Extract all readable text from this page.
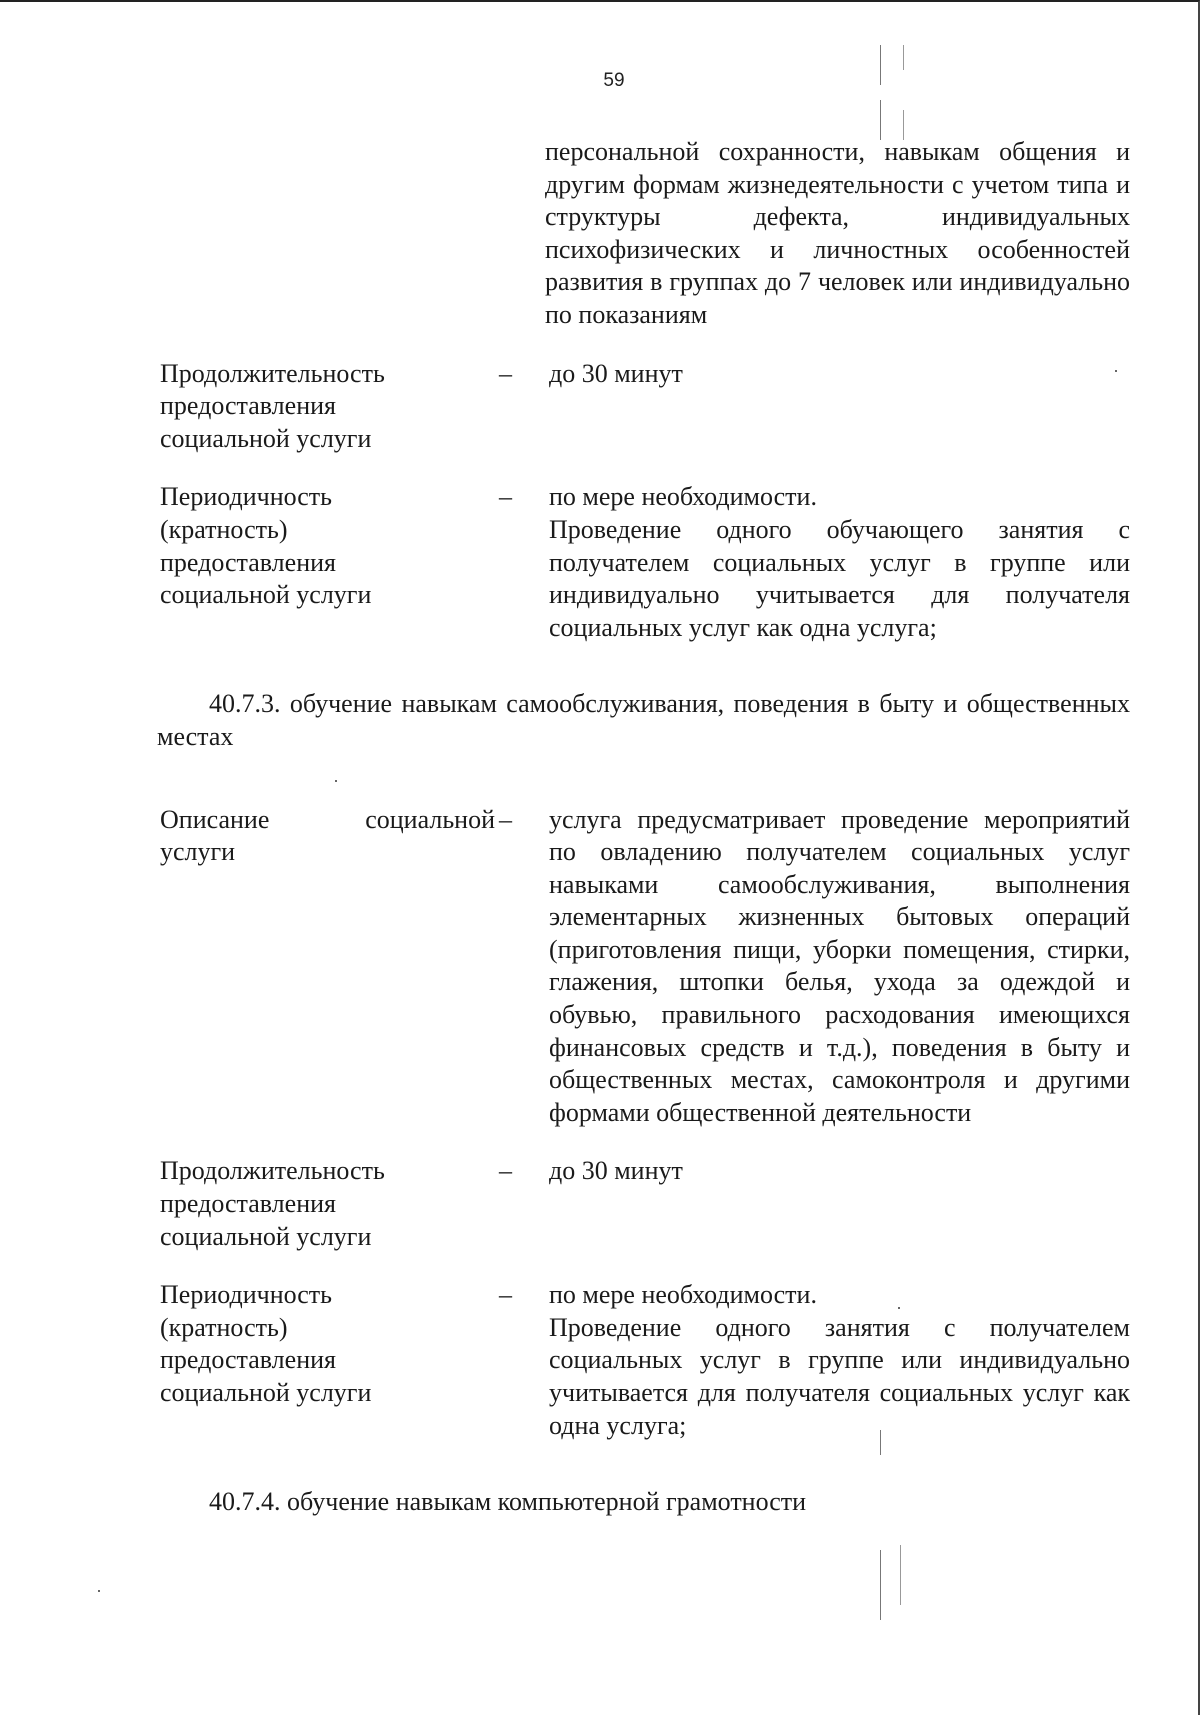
59
персональной сохранности, навыкам общения и другим формам жизнедеятельности с учетом типа и структуры дефекта, индивидуальных психофизических и личностных особенностей развития в группах до 7 человек или индивидуально по показаниям
Продолжительность
предоставления
социальной услуги
–	до 30 минут
Периодичность
(кратность)
предоставления
социальной услуги
–	по мере необходимости.
Проведение одного обучающего занятия с получателем социальных услуг в группе или индивидуально учитывается для получателя социальных услуг как одна услуга;
40.7.3. обучение навыкам самообслуживания, поведения в быту и общественных местах
Описание	социальной
услуги
–	услуга предусматривает проведение мероприятий по овладению получателем социальных услуг навыками самообслуживания, выполнения элементарных жизненных бытовых операций (приготовления пищи, уборки помещения, стирки, глажения, штопки белья, ухода за одеждой и обувью, правильного расходования имеющихся финансовых средств и т.д.), поведения в быту и общественных местах, самоконтроля и другими формами общественной деятельности
Продолжительность
предоставления
социальной услуги
–	до 30 минут
Периодичность
(кратность)
предоставления
социальной услуги
–	по мере необходимости.
Проведение одного занятия с получателем социальных услуг в группе или индивидуально учитывается для получателя социальных услуг как одна услуга;
40.7.4. обучение навыкам компьютерной грамотности
